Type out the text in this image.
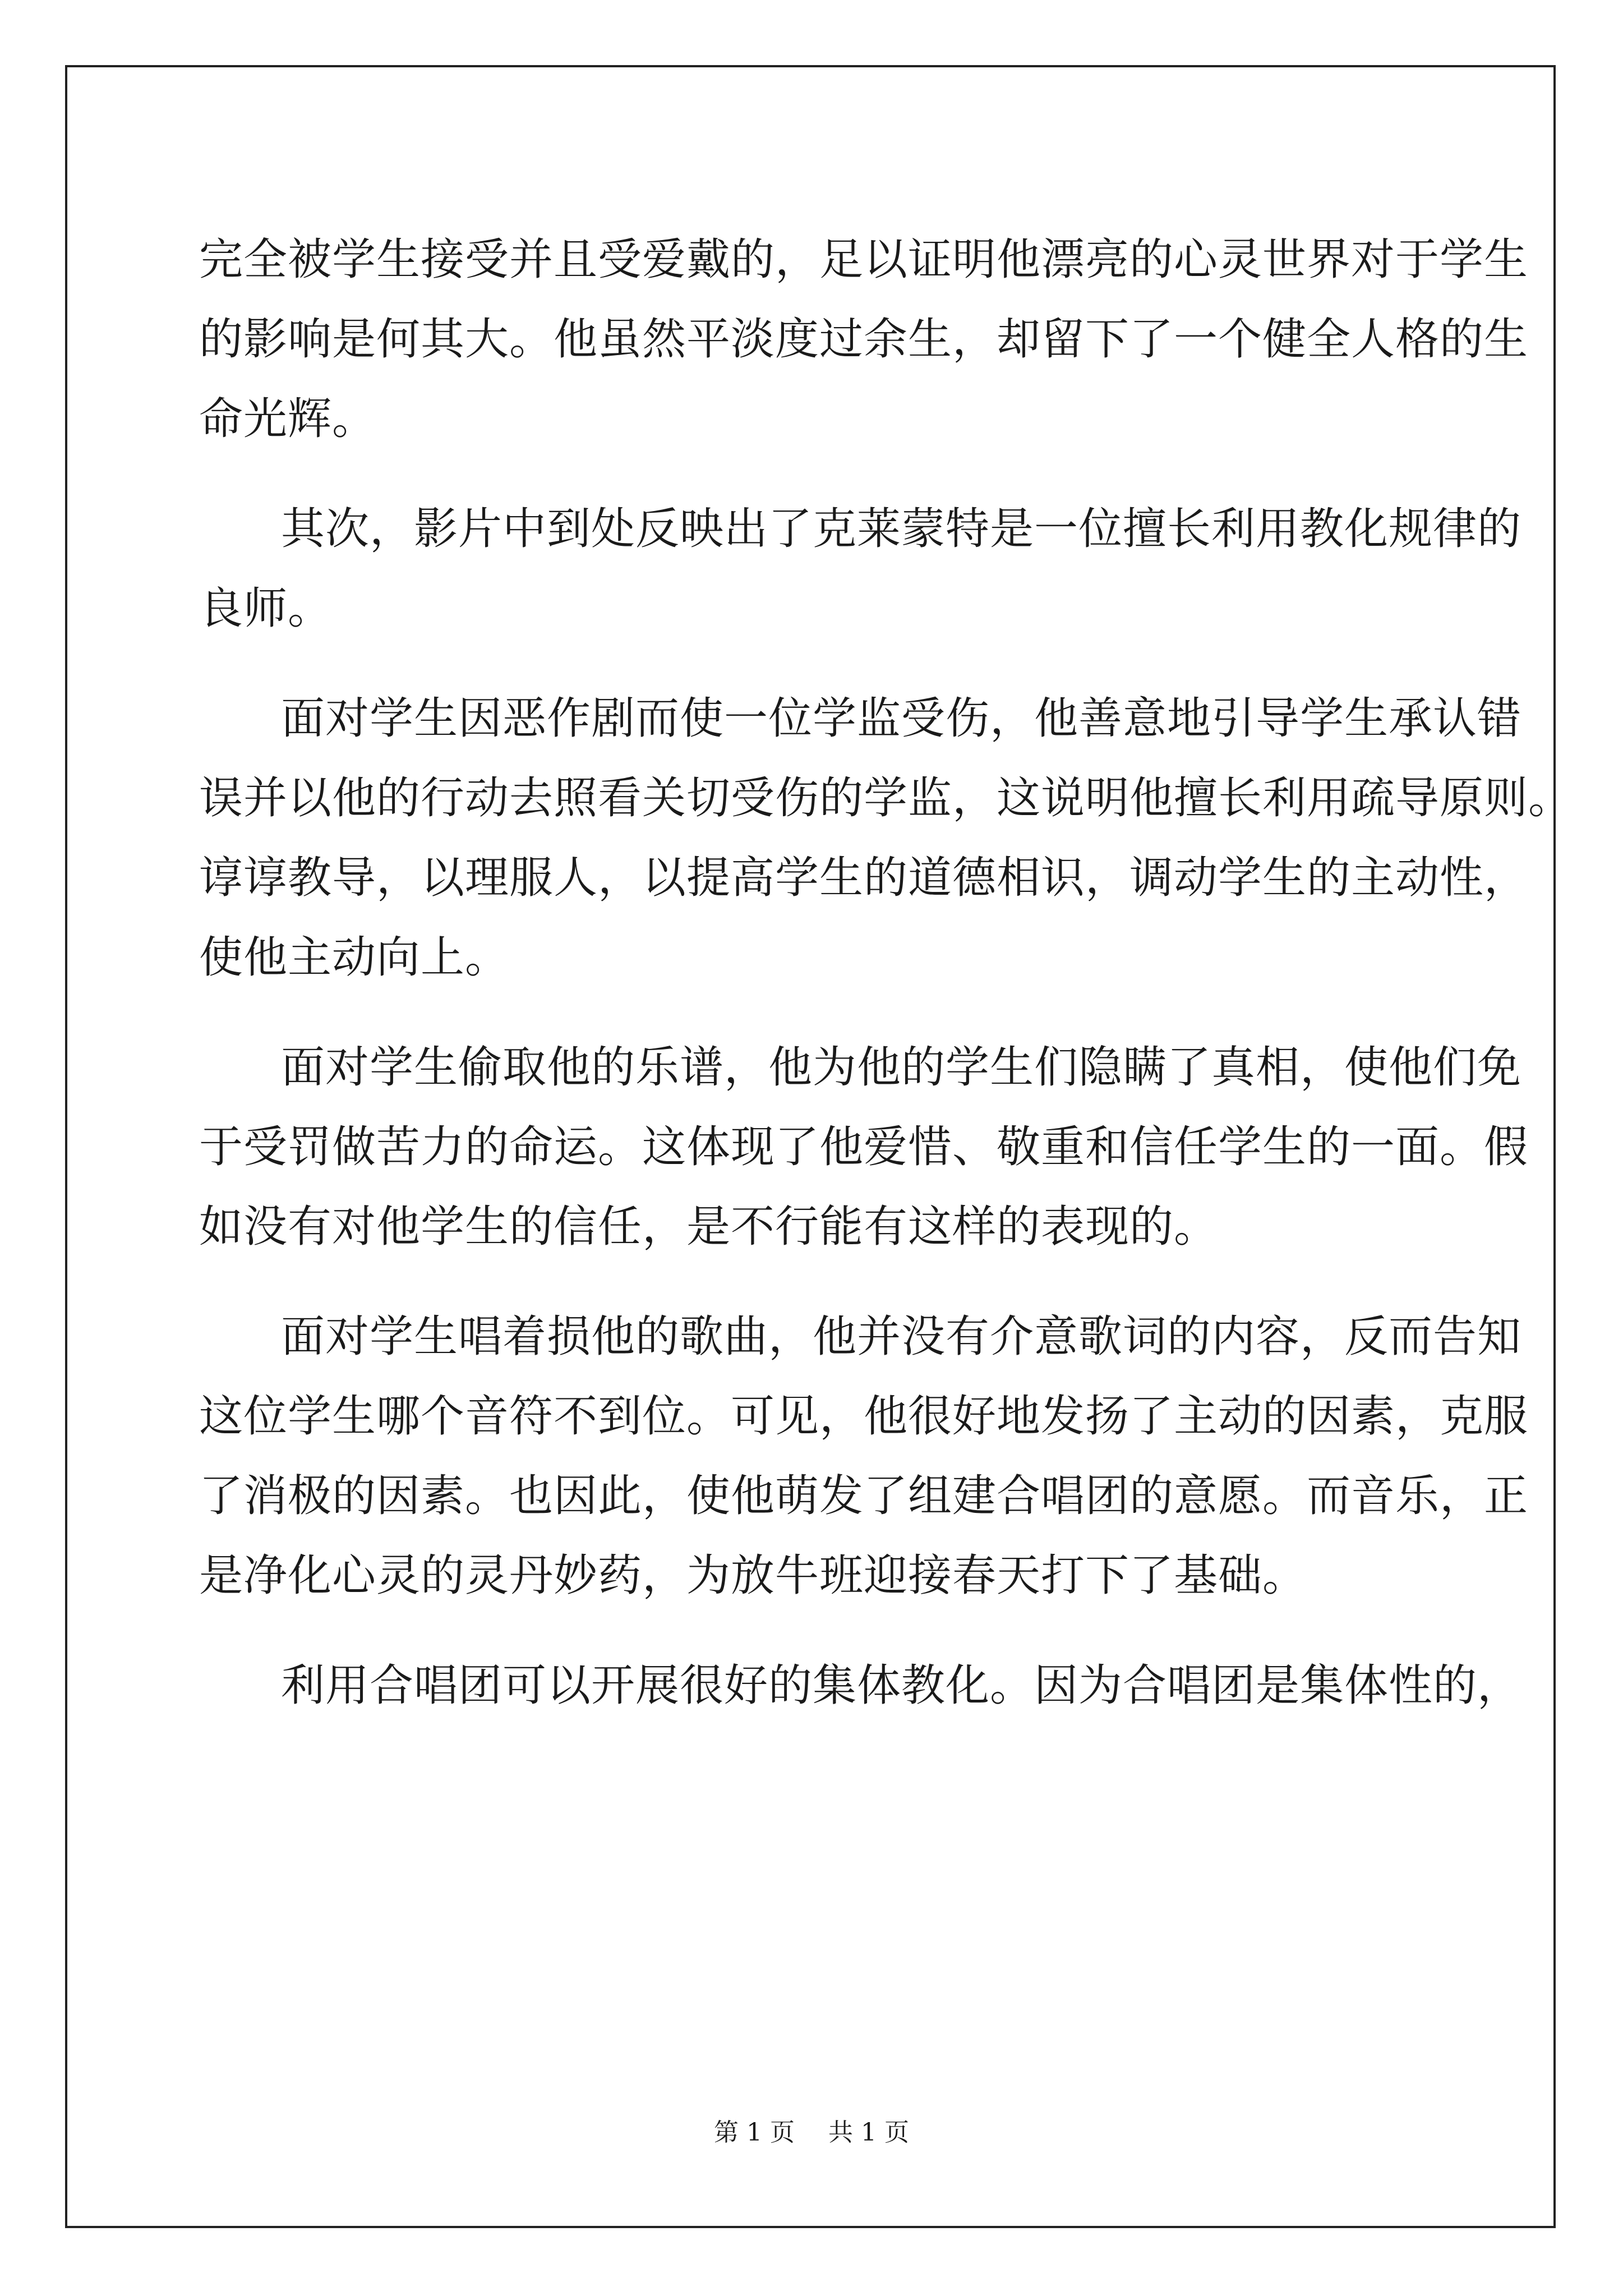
完全被学生接受并且受爱戴的，足以证明他漂亮的心灵世界对于学生
的影响是何其大。他虽然平淡度过余生，却留下了一个健全人格的生
命光辉。
其次，影片中到处反映出了克莱蒙特是一位擅长利用教化规律的
良师。
面对学生因恶作剧而使一位学监受伤，他善意地引导学生承认错
误并以他的行动去照看关切受伤的学监，这说明他擅长利用疏导原则。
谆谆教导，以理服人，以提高学生的道德相识，调动学生的主动性，
使他主动向上。
面对学生偷取他的乐谱，他为他的学生们隐瞒了真相，使他们免
于受罚做苦力的命运。这体现了他爱惜、敬重和信任学生的一面。假
如没有对他学生的信任，是不行能有这样的表现的。
面对学生唱着损他的歌曲，他并没有介意歌词的内容，反而告知
这位学生哪个音符不到位。可见，他很好地发扬了主动的因素，克服
了消极的因素。也因此，使他萌发了组建合唱团的意愿。而音乐，正
是净化心灵的灵丹妙药，为放牛班迎接春天打下了基础。
利用合唱团可以开展很好的集体教化。因为合唱团是集体性的，
第 1 页 共 1 页
